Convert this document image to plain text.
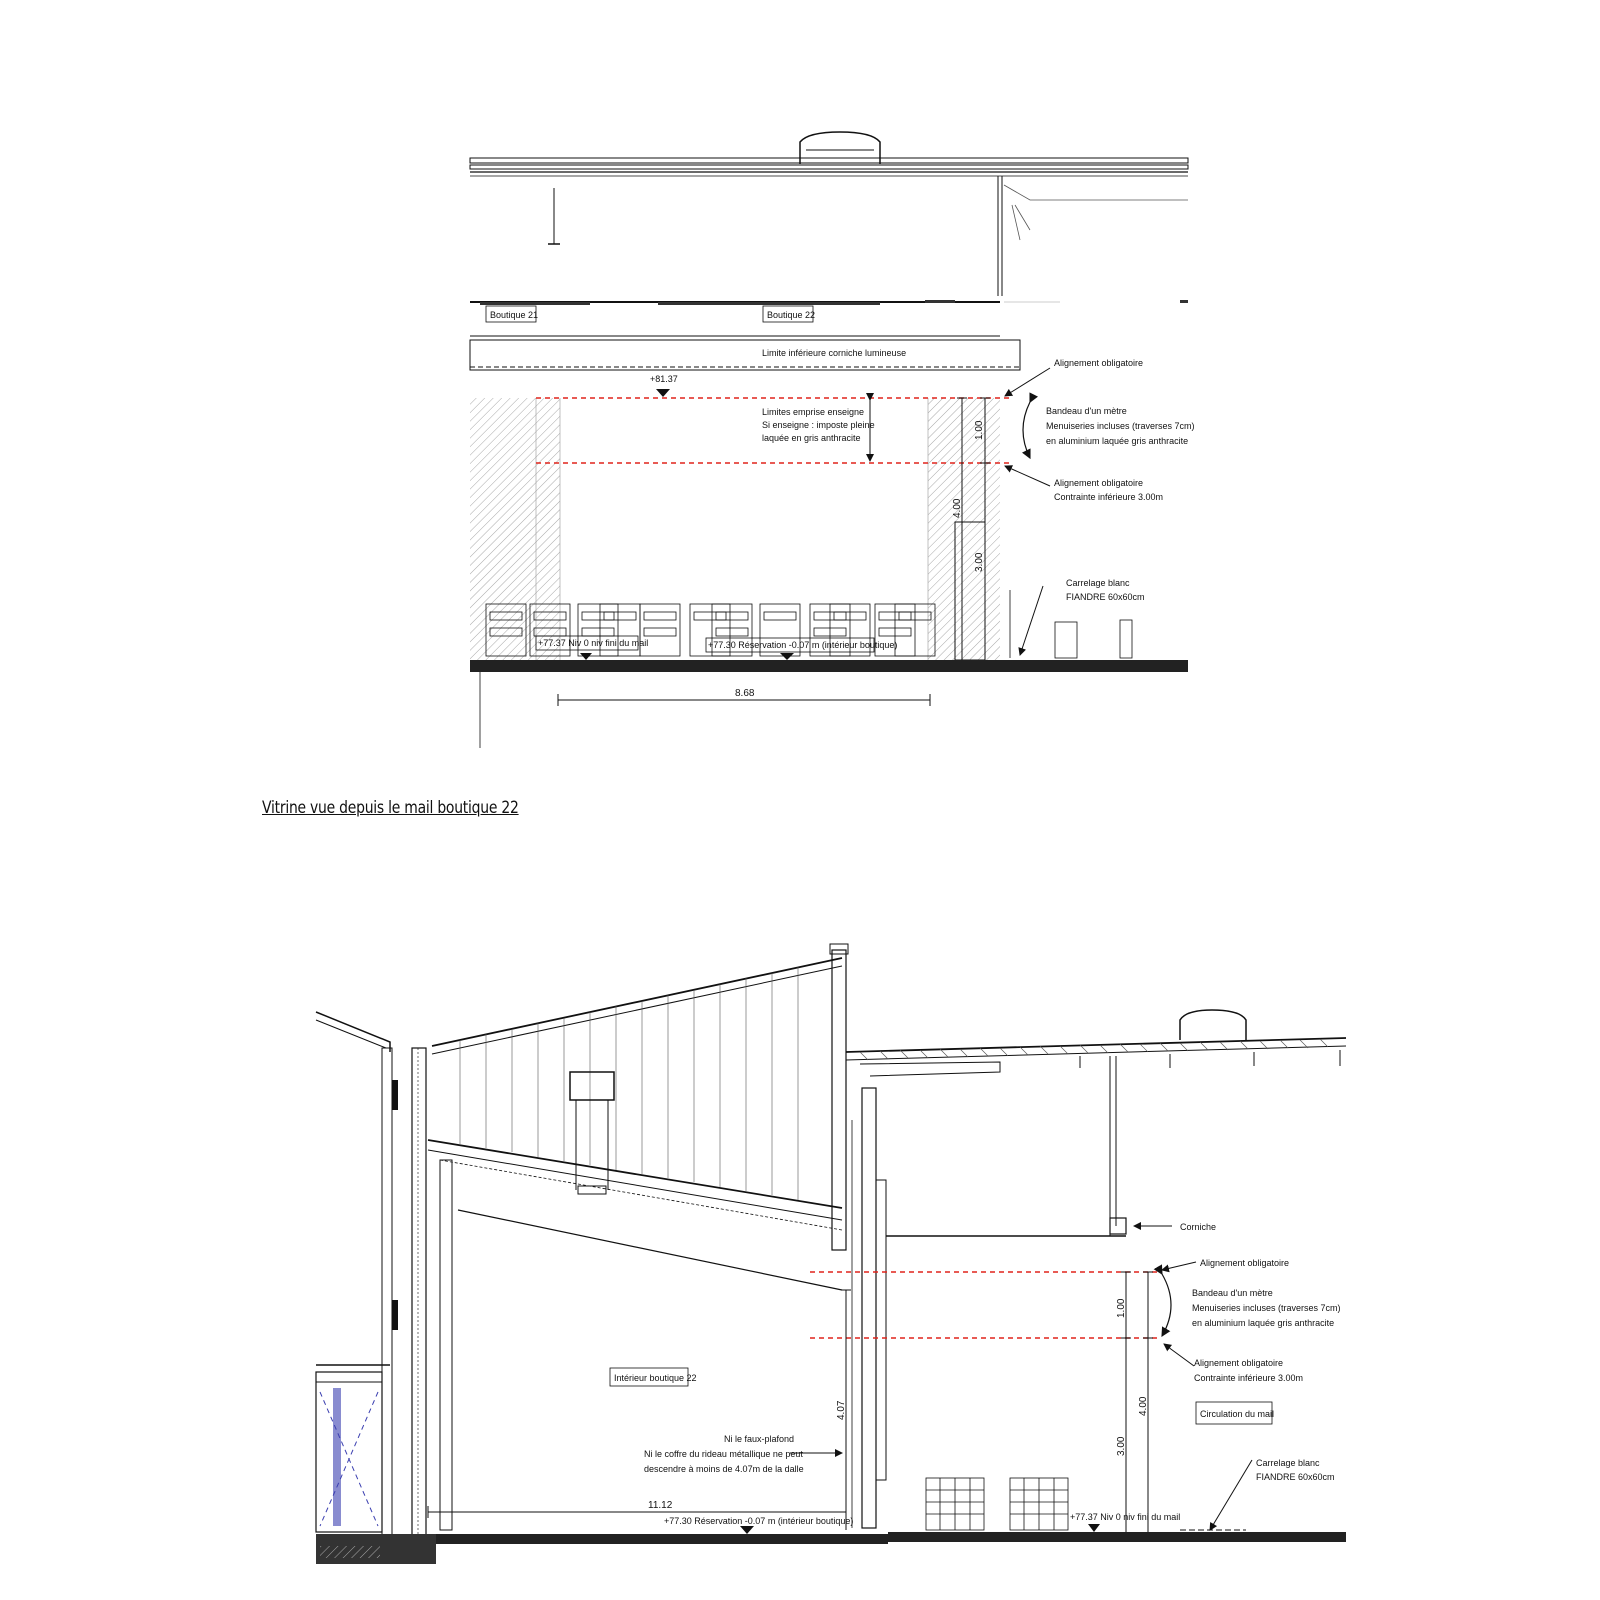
Boutique 21	Boutique 22
Limite inférieure corniche lumineuse
+81.37
Limites emprise enseigne
Si enseigne : imposte pleine
laquée en gris anthracite
Alignement obligatoire
Bandeau d'un mètre
Menuiseries incluses (traverses 7cm)
en aluminium laquée gris anthracite
Alignement obligatoire
Contrainte inférieure 3.00m
Carrelage blanc
FIANDRE 60x60cm
+77.37 Niv 0 niv fini du mail	+77.30 Réservation -0.07 m (intérieur boutique)
1.00
4.00
3.00
8.68
Corniche
Alignement obligatoire
Bandeau d'un mètre
Menuiseries incluses (traverses 7cm)
en aluminium laquée gris anthracite
Alignement obligatoire
Contrainte inférieure 3.00m
Intérieur boutique 22
Circulation du mail
Ni le faux-plafond
Ni le coffre du rideau métallique ne peut
descendre à moins de 4.07m de la dalle
Carrelage blanc
FIANDRE 60x60cm
+77.30 Réservation -0.07 m (intérieur boutique)	+77.37 Niv 0 niv fini du mail
11.12
4.07
1.00
3.00
4.00
Vitrine vue depuis le mail boutique 22
